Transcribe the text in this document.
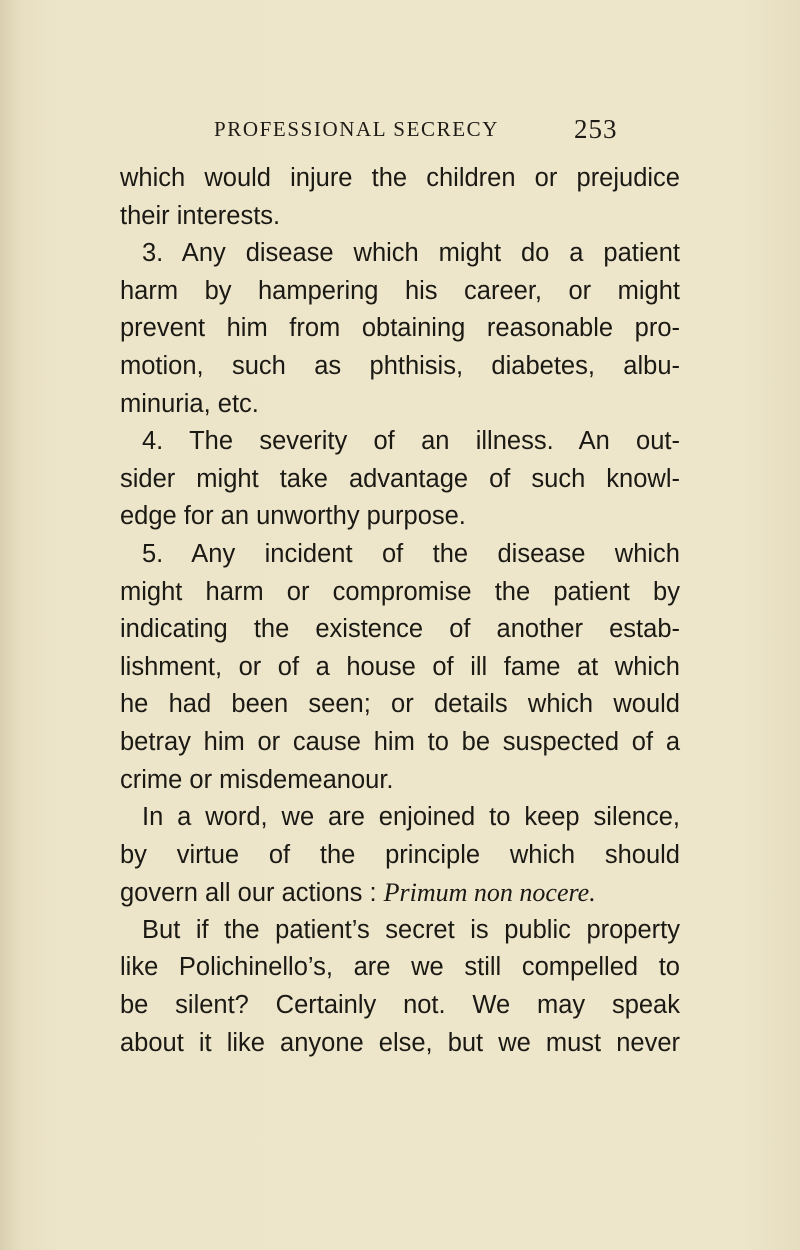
PROFESSIONAL SECRECY	253
which would injure the children or prejudice
their interests.
3. Any disease which might do a patient
harm by hampering his career, or might
prevent him from obtaining reasonable pro-
motion, such as phthisis, diabetes, albu-
minuria, etc.
4. The severity of an illness. An out-
sider might take advantage of such knowl-
edge for an unworthy purpose.
5. Any incident of the disease which
might harm or compromise the patient by
indicating the existence of another estab-
lishment, or of a house of ill fame at which
he had been seen; or details which would
betray him or cause him to be suspected of a
crime or misdemeanour.
In a word, we are enjoined to keep silence,
by virtue of the principle which should
govern all our actions : Primum non nocere.
But if the patient’s secret is public property
like Polichinello’s, are we still compelled to
be silent? Certainly not. We may speak
about it like anyone else, but we must never
